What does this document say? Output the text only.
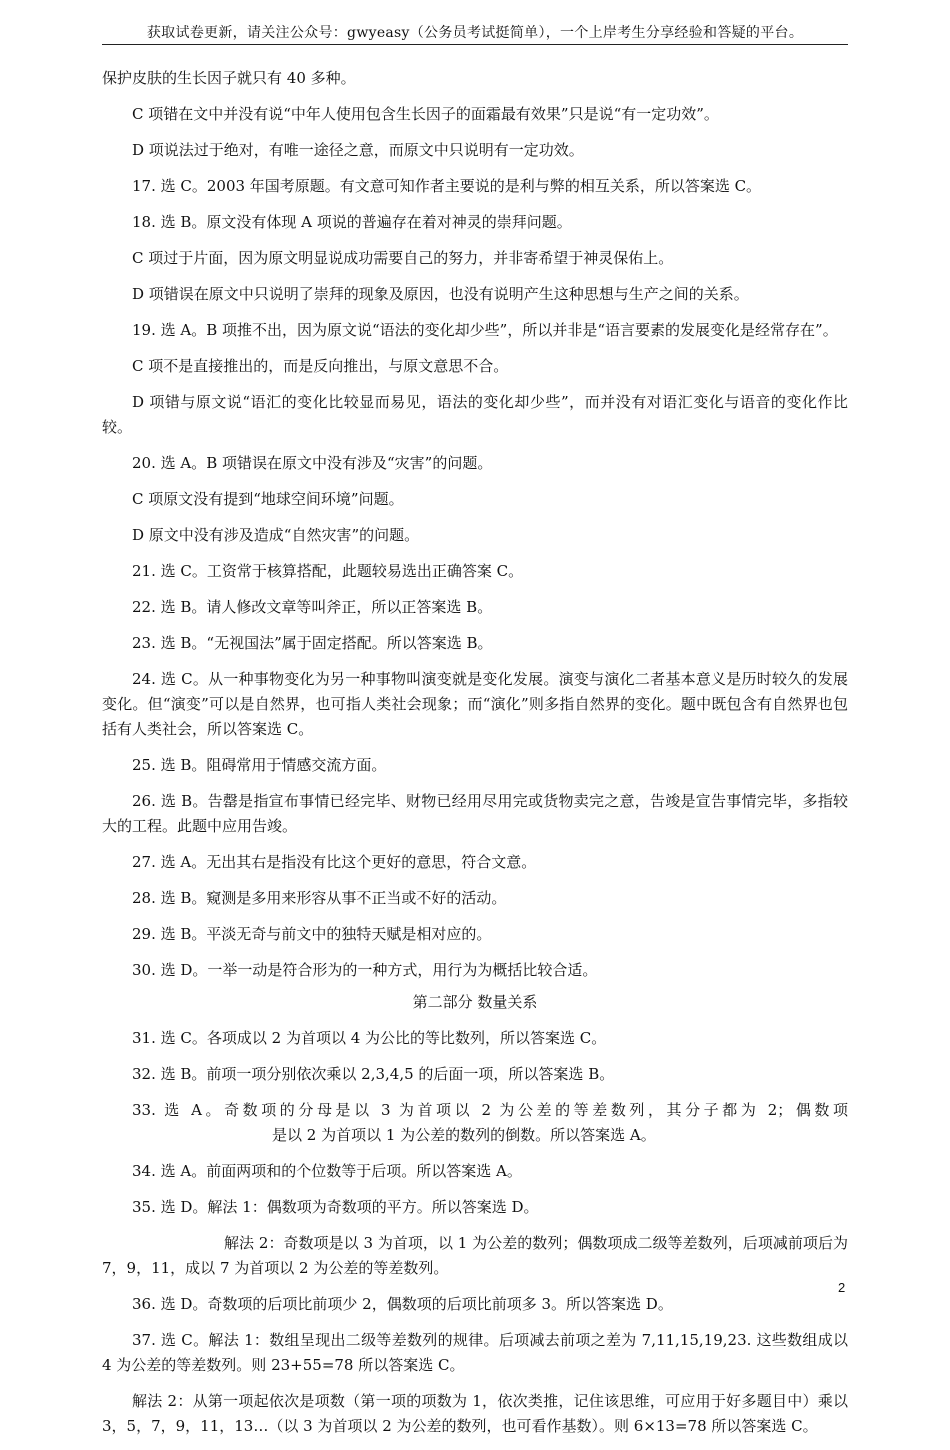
获取试卷更新，请关注公众号：gwyeasy（公务员考试挺简单），一个上岸考生分享经验和答疑的平台。

保护皮肤的生长因子就只有 40 多种。

C 项错在文中并没有说“中年人使用包含生长因子的面霜最有效果”只是说“有一定功效”。

D 项说法过于绝对，有唯一途径之意，而原文中只说明有一定功效。

17. 选 C。2003 年国考原题。有文意可知作者主要说的是利与弊的相互关系，所以答案选 C。

18. 选 B。原文没有体现 A 项说的普遍存在着对神灵的崇拜问题。

C 项过于片面，因为原文明显说成功需要自己的努力，并非寄希望于神灵保佑上。

D 项错误在原文中只说明了崇拜的现象及原因，也没有说明产生这种思想与生产之间的关系。

19. 选 A。B 项推不出，因为原文说“语法的变化却少些”，所以并非是“语言要素的发展变化是经常存在”。

C 项不是直接推出的，而是反向推出，与原文意思不合。

D 项错与原文说“语汇的变化比较显而易见，语法的变化却少些”，而并没有对语汇变化与语音的变化作比较。

20. 选 A。B 项错误在原文中没有涉及“灾害”的问题。

C 项原文没有提到“地球空间环境”问题。

D 原文中没有涉及造成“自然灾害”的问题。

21. 选 C。工资常于核算搭配，此题较易选出正确答案 C。

22. 选 B。请人修改文章等叫斧正，所以正答案选 B。

23. 选 B。“无视国法”属于固定搭配。所以答案选 B。

24. 选 C。从一种事物变化为另一种事物叫演变就是变化发展。演变与演化二者基本意义是历时较久的发展变化。但“演变”可以是自然界，也可指人类社会现象；而“演化”则多指自然界的变化。题中既包含有自然界也包括有人类社会，所以答案选 C。

25. 选 B。阻碍常用于情感交流方面。

26. 选 B。告罄是指宣布事情已经完毕、财物已经用尽用完或货物卖完之意，告竣是宣告事情完毕，多指较大的工程。此题中应用告竣。

27. 选 A。无出其右是指没有比这个更好的意思，符合文意。

28. 选 B。窥测是多用来形容从事不正当或不好的活动。

29. 选 B。平淡无奇与前文中的独特天赋是相对应的。

30. 选 D。一举一动是符合形为的一种方式，用行为为概括比较合适。

第二部分 数量关系

31. 选 C。各项成以 2 为首项以 4 为公比的等比数列，所以答案选 C。

32. 选 B。前项一项分别依次乘以 2,3,4,5 的后面一项，所以答案选 B。

33. 选 A。奇数项的分母是以 3 为首项以 2 为公差的等差数列，其分子都为 2；偶数项是以 2 为首项以 1 为公差的数列的倒数。所以答案选 A。

34. 选 A。前面两项和的个位数等于后项。所以答案选 A。

35. 选 D。解法 1：偶数项为奇数项的平方。所以答案选 D。

解法 2：奇数项是以 3 为首项，以 1 为公差的数列；偶数项成二级等差数列，后项减前项后为 7，9，11，成以 7 为首项以 2 为公差的等差数列。

36. 选 D。奇数项的后项比前项少 2，偶数项的后项比前项多 3。所以答案选 D。

37. 选 C。解法 1：数组呈现出二级等差数列的规律。后项减去前项之差为 7,11,15,19,23. 这些数组成以 4 为公差的等差数列。则 23+55=78 所以答案选 C。

解法 2：从第一项起依次是项数（第一项的项数为 1，依次类推，记住该思维，可应用于好多题目中）乘以 3，5，7，9，11，13…（以 3 为首项以 2 为公差的数列，也可看作基数）。则 6×13=78 所以答案选 C。

2
